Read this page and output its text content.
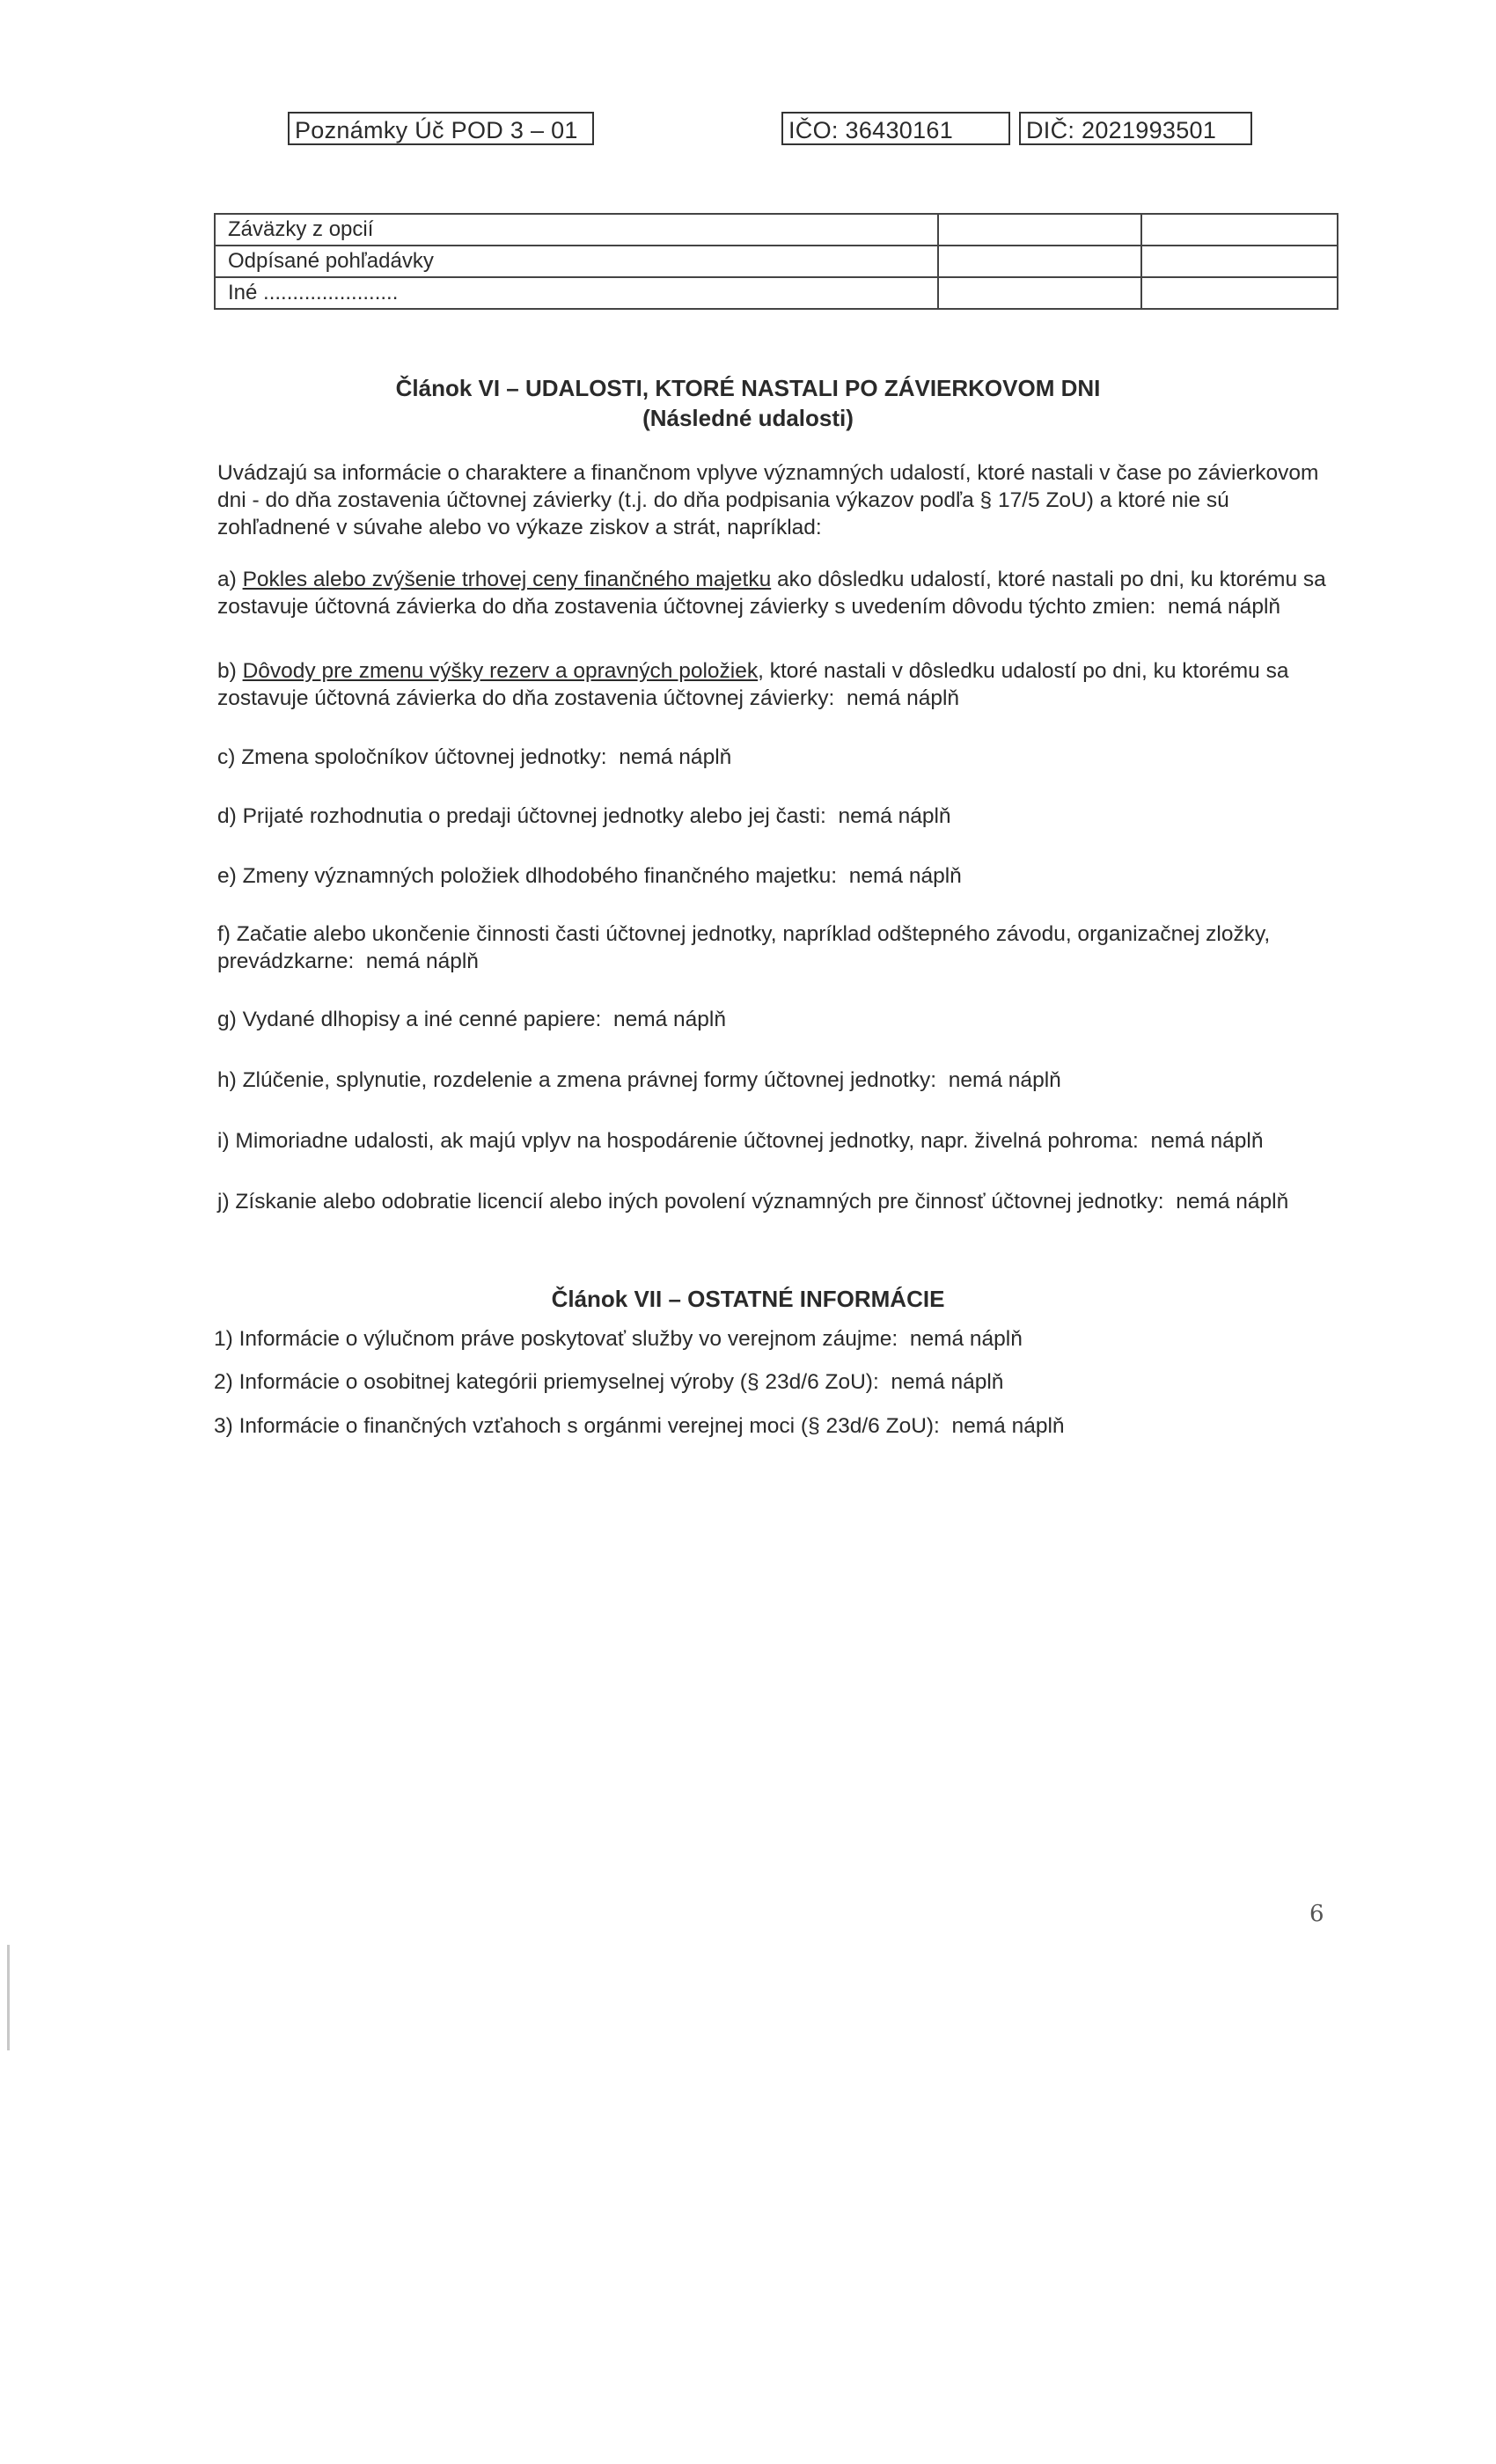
Poznámky Úč POD 3 – 01	IČO: 36430161	DIČ: 2021993501
Záväzky z opcií		
Odpísané pohľadávky		
Iné .......................		
Článok VI – UDALOSTI, KTORÉ NASTALI PO ZÁVIERKOVOM DNI
(Následné udalosti)
Uvádzajú sa informácie o charaktere a finančnom vplyve významných udalostí, ktoré nastali v čase po závierkovom dni - do dňa zostavenia účtovnej závierky (t.j. do dňa podpisania výkazov podľa § 17/5 ZoU) a ktoré nie sú zohľadnené v súvahe alebo vo výkaze ziskov a strát, napríklad:
a) Pokles alebo zvýšenie trhovej ceny finančného majetku ako dôsledku udalostí, ktoré nastali po dni, ku ktorému sa zostavuje účtovná závierka do dňa zostavenia účtovnej závierky s uvedením dôvodu týchto zmien: nemá náplň
b) Dôvody pre zmenu výšky rezerv a opravných položiek, ktoré nastali v dôsledku udalostí po dni, ku ktorému sa zostavuje účtovná závierka do dňa zostavenia účtovnej závierky: nemá náplň
c) Zmena spoločníkov účtovnej jednotky: nemá náplň
d) Prijaté rozhodnutia o predaji účtovnej jednotky alebo jej časti: nemá náplň
e) Zmeny významných položiek dlhodobého finančného majetku: nemá náplň
f) Začatie alebo ukončenie činnosti časti účtovnej jednotky, napríklad odštepného závodu, organizačnej zložky, prevádzkarne: nemá náplň
g) Vydané dlhopisy a iné cenné papiere: nemá náplň
h) Zlúčenie, splynutie, rozdelenie a zmena právnej formy účtovnej jednotky: nemá náplň
i) Mimoriadne udalosti, ak majú vplyv na hospodárenie účtovnej jednotky, napr. živelná pohroma: nemá náplň
j) Získanie alebo odobratie licencií alebo iných povolení významných pre činnosť účtovnej jednotky: nemá náplň
Článok VII – OSTATNÉ INFORMÁCIE
1) Informácie o výlučnom práve poskytovať služby vo verejnom záujme: nemá náplň
2) Informácie o osobitnej kategórii priemyselnej výroby (§ 23d/6 ZoU): nemá náplň
3) Informácie o finančných vzťahoch s orgánmi verejnej moci (§ 23d/6 ZoU): nemá náplň
6
